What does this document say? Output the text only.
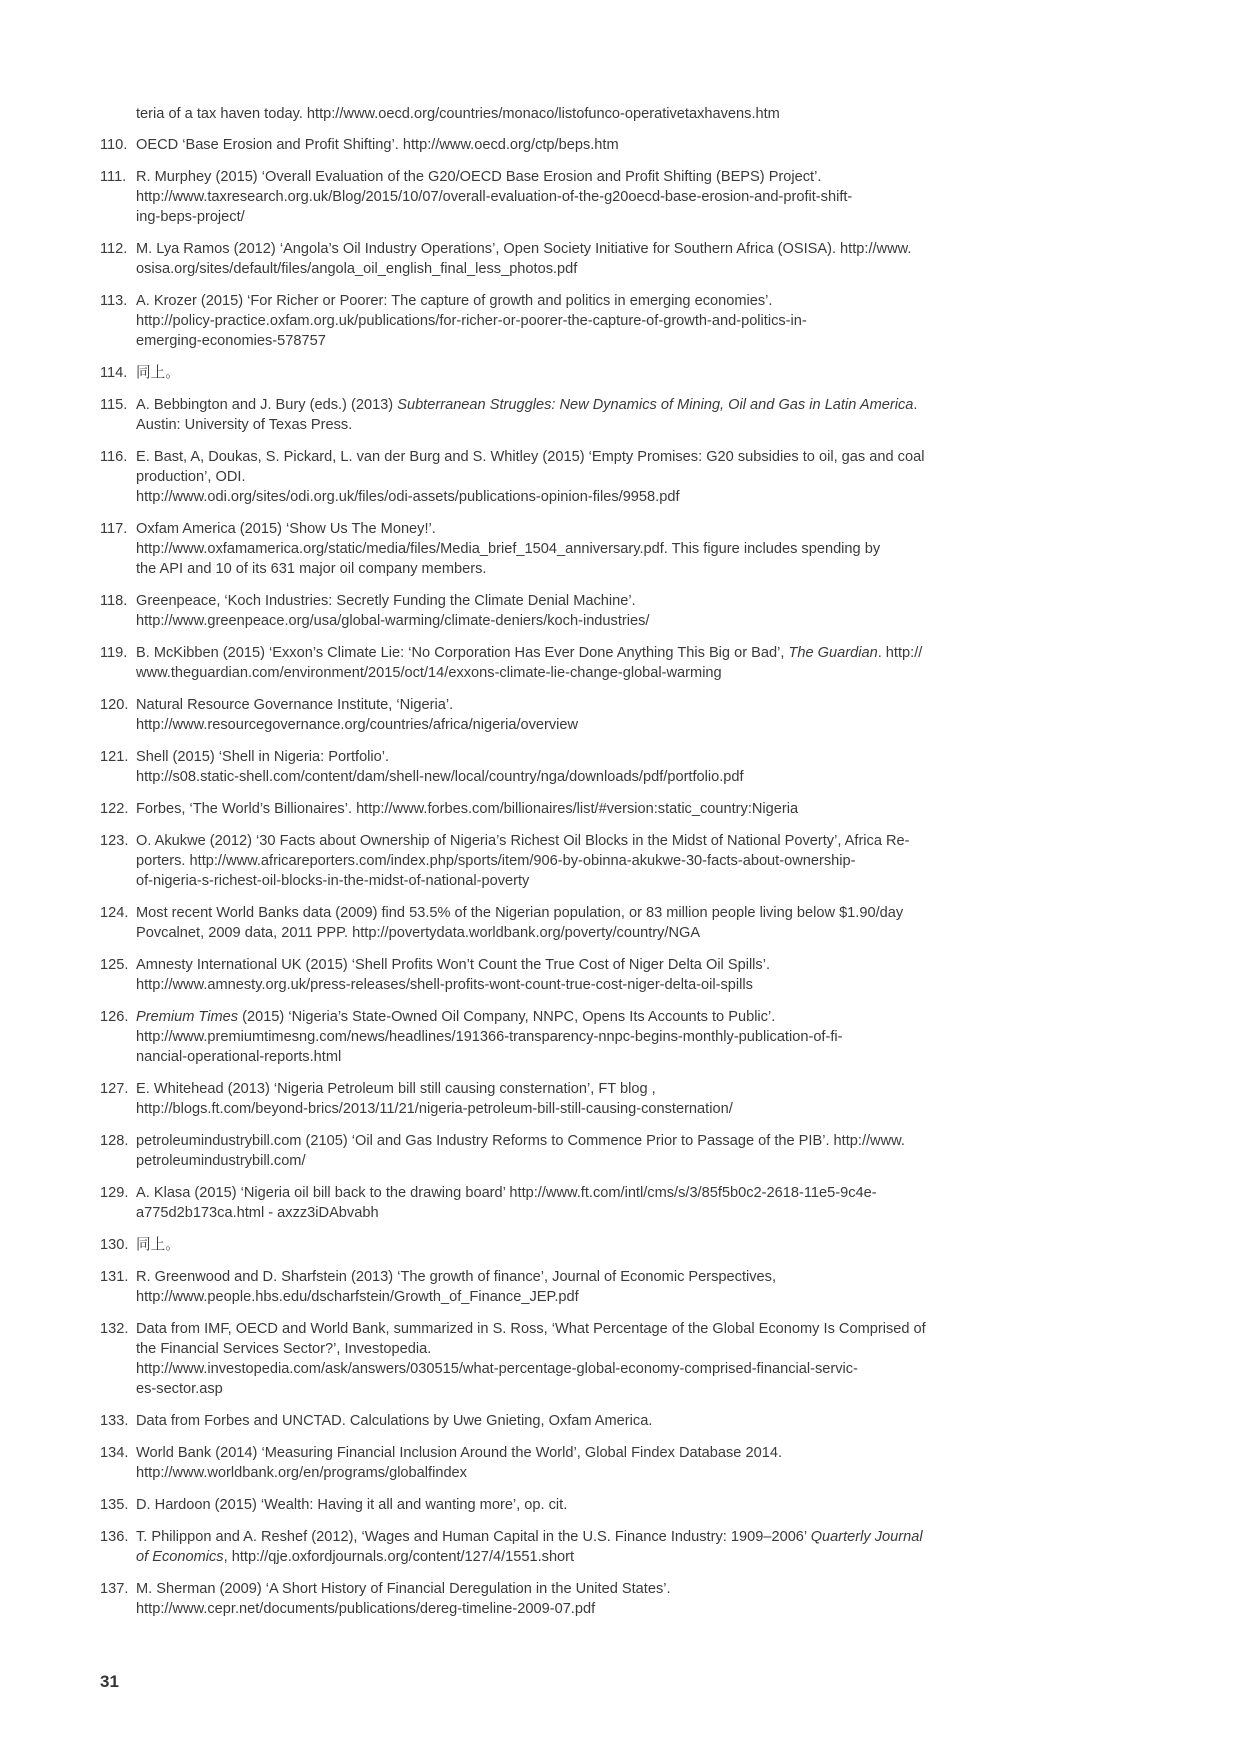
teria of a tax haven today. http://www.oecd.org/countries/monaco/listofunco-operativetaxhavens.htm
110. OECD ‘Base Erosion and Profit Shifting’. http://www.oecd.org/ctp/beps.htm
111. R. Murphey (2015) ‘Overall Evaluation of the G20/OECD Base Erosion and Profit Shifting (BEPS) Project’.
http://www.taxresearch.org.uk/Blog/2015/10/07/overall-evaluation-of-the-g20oecd-base-erosion-and-profit-shift-
ing-beps-project/
112. M. Lya Ramos (2012) ‘Angola’s Oil Industry Operations’, Open Society Initiative for Southern Africa (OSISA). http://www.
osisa.org/sites/default/files/angola_oil_english_final_less_photos.pdf
113. A. Krozer (2015) ‘For Richer or Poorer: The capture of growth and politics in emerging economies’.
http://policy-practice.oxfam.org.uk/publications/for-richer-or-poorer-the-capture-of-growth-and-politics-in-
emerging-economies-578757
114. 同上。
115. A. Bebbington and J. Bury (eds.) (2013) Subterranean Struggles: New Dynamics of Mining, Oil and Gas in Latin America.
Austin: University of Texas Press.
116. E. Bast, A, Doukas, S. Pickard, L. van der Burg and S. Whitley (2015) ‘Empty Promises: G20 subsidies to oil, gas and coal
production’, ODI.
http://www.odi.org/sites/odi.org.uk/files/odi-assets/publications-opinion-files/9958.pdf
117. Oxfam America (2015) ‘Show Us The Money!’.
http://www.oxfamamerica.org/static/media/files/Media_brief_1504_anniversary.pdf. This figure includes spending by
the API and 10 of its 631 major oil company members.
118. Greenpeace, ‘Koch Industries: Secretly Funding the Climate Denial Machine’.
http://www.greenpeace.org/usa/global-warming/climate-deniers/koch-industries/
119. B. McKibben (2015) ‘Exxon’s Climate Lie: ‘No Corporation Has Ever Done Anything This Big or Bad’, The Guardian. http://
www.theguardian.com/environment/2015/oct/14/exxons-climate-lie-change-global-warming
120. Natural Resource Governance Institute, ‘Nigeria’.
http://www.resourcegovernance.org/countries/africa/nigeria/overview
121. Shell (2015) ‘Shell in Nigeria: Portfolio’.
http://s08.static-shell.com/content/dam/shell-new/local/country/nga/downloads/pdf/portfolio.pdf
122. Forbes, ‘The World’s Billionaires’. http://www.forbes.com/billionaires/list/#version:static_country:Nigeria
123. O. Akukwe (2012) ‘30 Facts about Ownership of Nigeria’s Richest Oil Blocks in the Midst of National Poverty’, Africa Re-
porters. http://www.africareporters.com/index.php/sports/item/906-by-obinna-akukwe-30-facts-about-ownership-
of-nigeria-s-richest-oil-blocks-in-the-midst-of-national-poverty
124. Most recent World Banks data (2009) find 53.5% of the Nigerian population, or 83 million people living below $1.90/day
Povcalnet, 2009 data, 2011 PPP. http://povertydata.worldbank.org/poverty/country/NGA
125. Amnesty International UK (2015) ‘Shell Profits Won’t Count the True Cost of Niger Delta Oil Spills’.
http://www.amnesty.org.uk/press-releases/shell-profits-wont-count-true-cost-niger-delta-oil-spills
126. Premium Times (2015) ‘Nigeria’s State-Owned Oil Company, NNPC, Opens Its Accounts to Public’.
http://www.premiumtimesng.com/news/headlines/191366-transparency-nnpc-begins-monthly-publication-of-fi-
nancial-operational-reports.html
127. E. Whitehead (2013) ‘Nigeria Petroleum bill still causing consternation’, FT blog ,
http://blogs.ft.com/beyond-brics/2013/11/21/nigeria-petroleum-bill-still-causing-consternation/
128. petroleumindustrybill.com (2105) ‘Oil and Gas Industry Reforms to Commence Prior to Passage of the PIB’. http://www.
petroleumindustrybill.com/
129. A. Klasa (2015) ‘Nigeria oil bill back to the drawing board’ http://www.ft.com/intl/cms/s/3/85f5b0c2-2618-11e5-9c4e-
a775d2b173ca.html - axzz3iDAbvabh
130. 同上。
131. R. Greenwood and D. Sharfstein (2013) ‘The growth of finance’, Journal of Economic Perspectives,
http://www.people.hbs.edu/dscharfstein/Growth_of_Finance_JEP.pdf
132. Data from IMF, OECD and World Bank, summarized in S. Ross, ‘What Percentage of the Global Economy Is Comprised of
the Financial Services Sector?’, Investopedia.
http://www.investopedia.com/ask/answers/030515/what-percentage-global-economy-comprised-financial-servic-
es-sector.asp
133. Data from Forbes and UNCTAD. Calculations by Uwe Gnieting, Oxfam America.
134. World Bank (2014) ‘Measuring Financial Inclusion Around the World’, Global Findex Database 2014.
http://www.worldbank.org/en/programs/globalfindex
135. D. Hardoon (2015) ‘Wealth: Having it all and wanting more’, op. cit.
136. T. Philippon and A. Reshef (2012), ‘Wages and Human Capital in the U.S. Finance Industry: 1909–2006’ Quarterly Journal
of Economics, http://qje.oxfordjournals.org/content/127/4/1551.short
137. M. Sherman (2009) ‘A Short History of Financial Deregulation in the United States’.
http://www.cepr.net/documents/publications/dereg-timeline-2009-07.pdf
31
